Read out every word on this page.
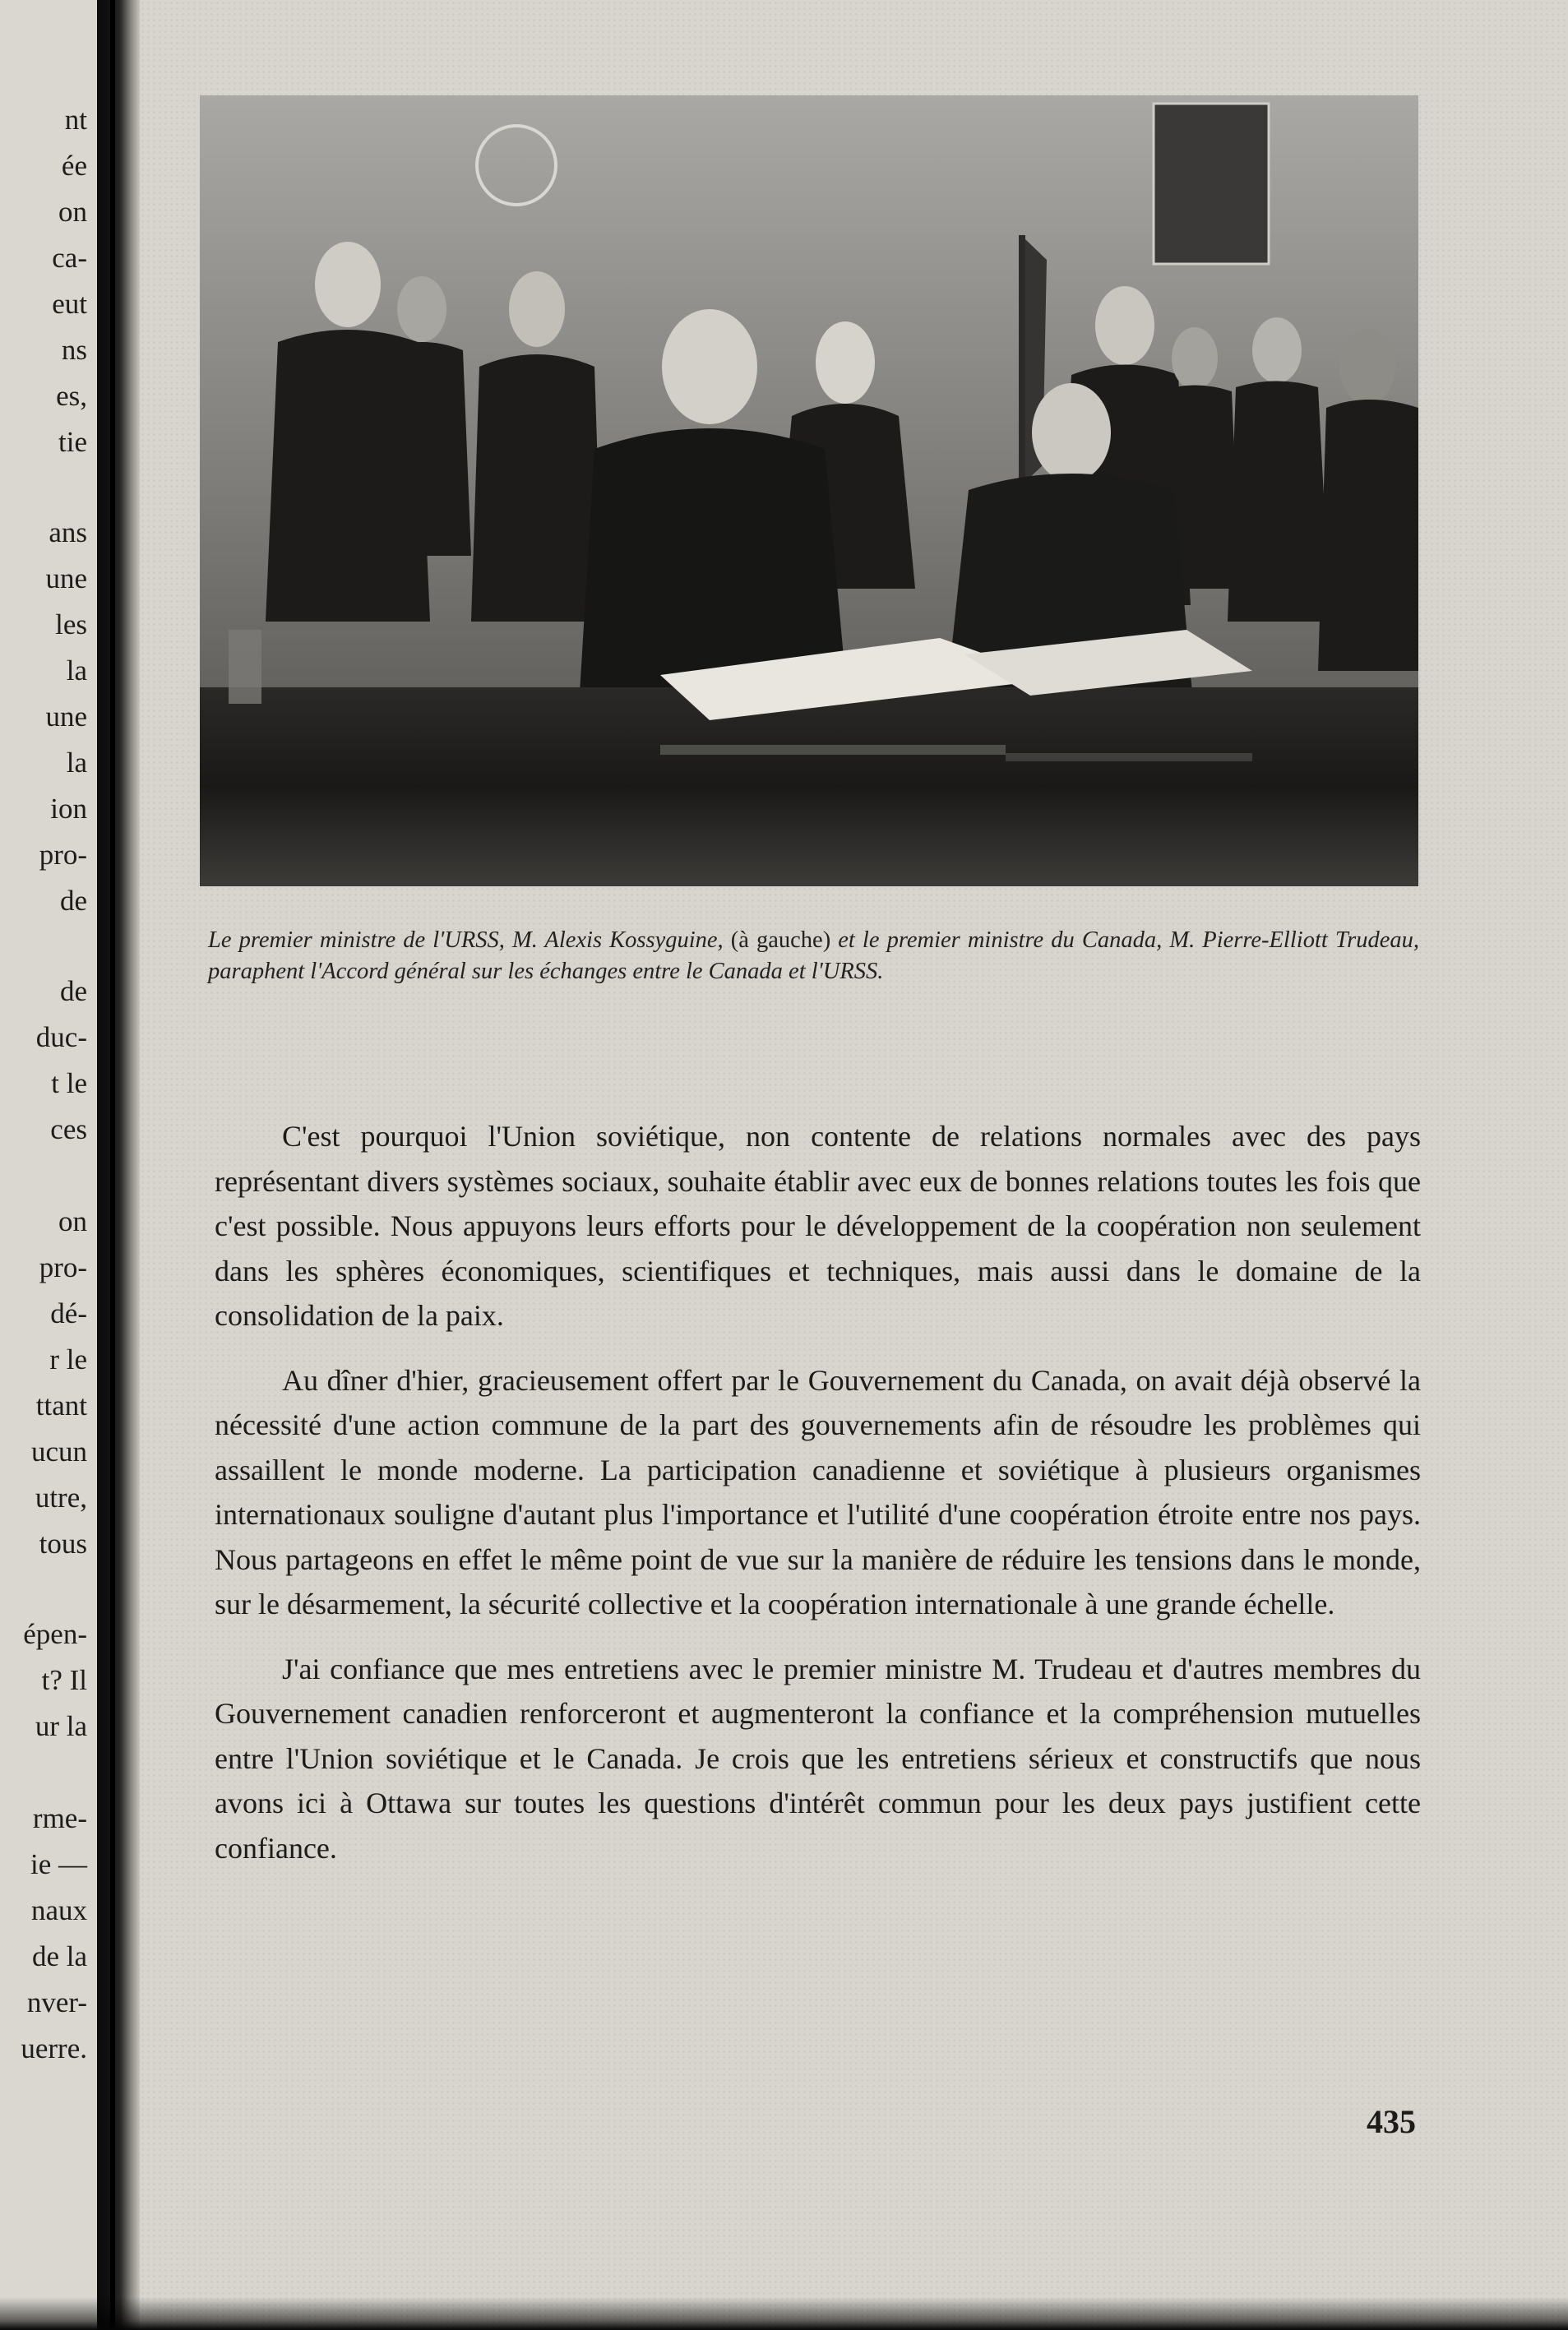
nt
ée
on
ca-
eut
ns
es,
tie
ans
une
les
la
une
la
ion
pro-
de
de
duc-
t le
ces
on
pro-
dé-
r le
ttant
ucun
utre,
tous
épen-
t? Il
ur la
rme-
ie —
naux
de la
nver-
uerre.
Le premier ministre de l'URSS, M. Alexis Kossyguine, (à gauche) et le premier ministre du Canada, M. Pierre-Elliott Trudeau, paraphent l'Accord général sur les échanges entre le Canada et l'URSS.

C'est pourquoi l'Union soviétique, non contente de relations normales avec des pays représentant divers systèmes sociaux, souhaite établir avec eux de bonnes relations toutes les fois que c'est possible. Nous appuyons leurs efforts pour le développement de la coopération non seulement dans les sphères économiques, scientifiques et techniques, mais aussi dans le domaine de la consolidation de la paix.

Au dîner d'hier, gracieusement offert par le Gouvernement du Canada, on avait déjà observé la nécessité d'une action commune de la part des gouvernements afin de résoudre les problèmes qui assaillent le monde moderne. La participation canadienne et soviétique à plusieurs organismes internationaux souligne d'autant plus l'importance et l'utilité d'une coopération étroite entre nos pays. Nous partageons en effet le même point de vue sur la manière de réduire les tensions dans le monde, sur le désarmement, la sécurité collective et la coopération internationale à une grande échelle.

J'ai confiance que mes entretiens avec le premier ministre M. Trudeau et d'autres membres du Gouvernement canadien renforceront et augmenteront la confiance et la compréhension mutuelles entre l'Union soviétique et le Canada. Je crois que les entretiens sérieux et constructifs que nous avons ici à Ottawa sur toutes les questions d'intérêt commun pour les deux pays justifient cette confiance.

435
